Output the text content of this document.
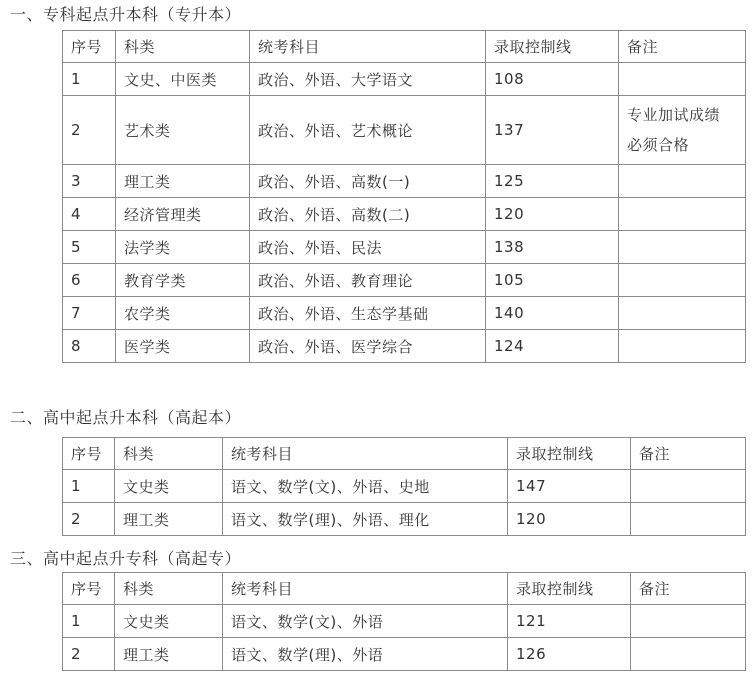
一、专科起点升本科（专升本）
序号	科类	统考科目	录取控制线	备注
1	文史、中医类	政治、外语、大学语文	108	
2	艺术类	政治、外语、艺术概论	137	专业加试成绩必须合格

3	理工类	政治、外语、高数(一)	125	
4	经济管理类	政治、外语、高数(二)	120	
5	法学类	政治、外语、民法	138	
6	教育学类	政治、外语、教育理论	105	
7	农学类	政治、外语、生态学基础	140	
8	医学类	政治、外语、医学综合	124	
二、高中起点升本科（高起本）
序号	科类	统考科目	录取控制线	备注
1	文史类	语文、数学(文)、外语、史地	147	
2	理工类	语文、数学(理)、外语、理化	120	
三、高中起点升专科（高起专）
序号	科类	统考科目	录取控制线	备注
1	文史类	语文、数学(文)、外语	121	
2	理工类	语文、数学(理)、外语	126	
